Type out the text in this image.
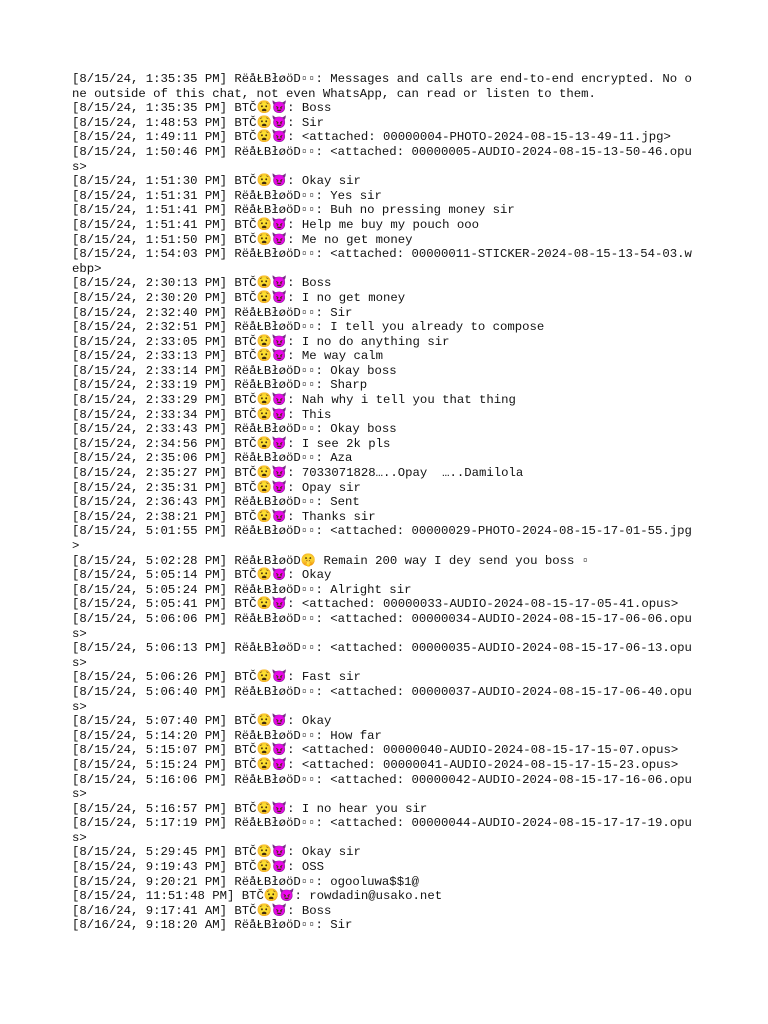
[8/15/24, 1:35:35 PM] RëåŁBłøöD▫▫: Messages and calls are end-to-end encrypted. No one outside of this chat, not even WhatsApp, can read or listen to them.
[8/15/24, 1:35:35 PM] BTČ😧😈: Boss
[8/15/24, 1:48:53 PM] BTČ😧😈: Sir
[8/15/24, 1:49:11 PM] BTČ😧😈: <attached: 00000004-PHOTO-2024-08-15-13-49-11.jpg>
[8/15/24, 1:50:46 PM] RëåŁBłøöD▫▫: <attached: 00000005-AUDIO-2024-08-15-13-50-46.opus>
[8/15/24, 1:51:30 PM] BTČ😧😈: Okay sir
[8/15/24, 1:51:31 PM] RëåŁBłøöD▫▫: Yes sir
[8/15/24, 1:51:41 PM] RëåŁBłøöD▫▫: Buh no pressing money sir
[8/15/24, 1:51:41 PM] BTČ😧😈: Help me buy my pouch ooo
[8/15/24, 1:51:50 PM] BTČ😧😈: Me no get money
[8/15/24, 1:54:03 PM] RëåŁBłøöD▫▫: <attached: 00000011-STICKER-2024-08-15-13-54-03.webp>
[8/15/24, 2:30:13 PM] BTČ😧😈: Boss
[8/15/24, 2:30:20 PM] BTČ😧😈: I no get money
[8/15/24, 2:32:40 PM] RëåŁBłøöD▫▫: Sir
[8/15/24, 2:32:51 PM] RëåŁBłøöD▫▫: I tell you already to compose
[8/15/24, 2:33:05 PM] BTČ😧😈: I no do anything sir
[8/15/24, 2:33:13 PM] BTČ😧😈: Me way calm
[8/15/24, 2:33:14 PM] RëåŁBłøöD▫▫: Okay boss
[8/15/24, 2:33:19 PM] RëåŁBłøöD▫▫: Sharp
[8/15/24, 2:33:29 PM] BTČ😧😈: Nah why i tell you that thing
[8/15/24, 2:33:34 PM] BTČ😧😈: This
[8/15/24, 2:33:43 PM] RëåŁBłøöD▫▫: Okay boss
[8/15/24, 2:34:56 PM] BTČ😧😈: I see 2k pls
[8/15/24, 2:35:06 PM] RëåŁBłøöD▫▫: Aza
[8/15/24, 2:35:27 PM] BTČ😧😈: 7033071828…..Opay  …..Damilola
[8/15/24, 2:35:31 PM] BTČ😧😈: Opay sir
[8/15/24, 2:36:43 PM] RëåŁBłøöD▫▫: Sent
[8/15/24, 2:38:21 PM] BTČ😧😈: Thanks sir
[8/15/24, 5:01:55 PM] RëåŁBłøöD▫▫: <attached: 00000029-PHOTO-2024-08-15-17-01-55.jpg>
[8/15/24, 5:02:28 PM] RëåŁBłøöD🤫 Remain 200 way I dey send you boss ▫
[8/15/24, 5:05:14 PM] BTČ😧😈: Okay
[8/15/24, 5:05:24 PM] RëåŁBłøöD▫▫: Alright sir
[8/15/24, 5:05:41 PM] BTČ😧😈: <attached: 00000033-AUDIO-2024-08-15-17-05-41.opus>
[8/15/24, 5:06:06 PM] RëåŁBłøöD▫▫: <attached: 00000034-AUDIO-2024-08-15-17-06-06.opus>
[8/15/24, 5:06:13 PM] RëåŁBłøöD▫▫: <attached: 00000035-AUDIO-2024-08-15-17-06-13.opus>
[8/15/24, 5:06:26 PM] BTČ😧😈: Fast sir
[8/15/24, 5:06:40 PM] RëåŁBłøöD▫▫: <attached: 00000037-AUDIO-2024-08-15-17-06-40.opus>
[8/15/24, 5:07:40 PM] BTČ😧😈: Okay
[8/15/24, 5:14:20 PM] RëåŁBłøöD▫▫: How far
[8/15/24, 5:15:07 PM] BTČ😧😈: <attached: 00000040-AUDIO-2024-08-15-17-15-07.opus>
[8/15/24, 5:15:24 PM] BTČ😧😈: <attached: 00000041-AUDIO-2024-08-15-17-15-23.opus>
[8/15/24, 5:16:06 PM] RëåŁBłøöD▫▫: <attached: 00000042-AUDIO-2024-08-15-17-16-06.opus>
[8/15/24, 5:16:57 PM] BTČ😧😈: I no hear you sir
[8/15/24, 5:17:19 PM] RëåŁBłøöD▫▫: <attached: 00000044-AUDIO-2024-08-15-17-17-19.opus>
[8/15/24, 5:29:45 PM] BTČ😧😈: Okay sir
[8/15/24, 9:19:43 PM] BTČ😧😈: OSS
[8/15/24, 9:20:21 PM] RëåŁBłøöD▫▫: ogooluwa$$1@
[8/15/24, 11:51:48 PM] BTČ😧😈: rowdadin@usako.net
[8/16/24, 9:17:41 AM] BTČ😧😈: Boss
[8/16/24, 9:18:20 AM] RëåŁBłøöD▫▫: Sir
